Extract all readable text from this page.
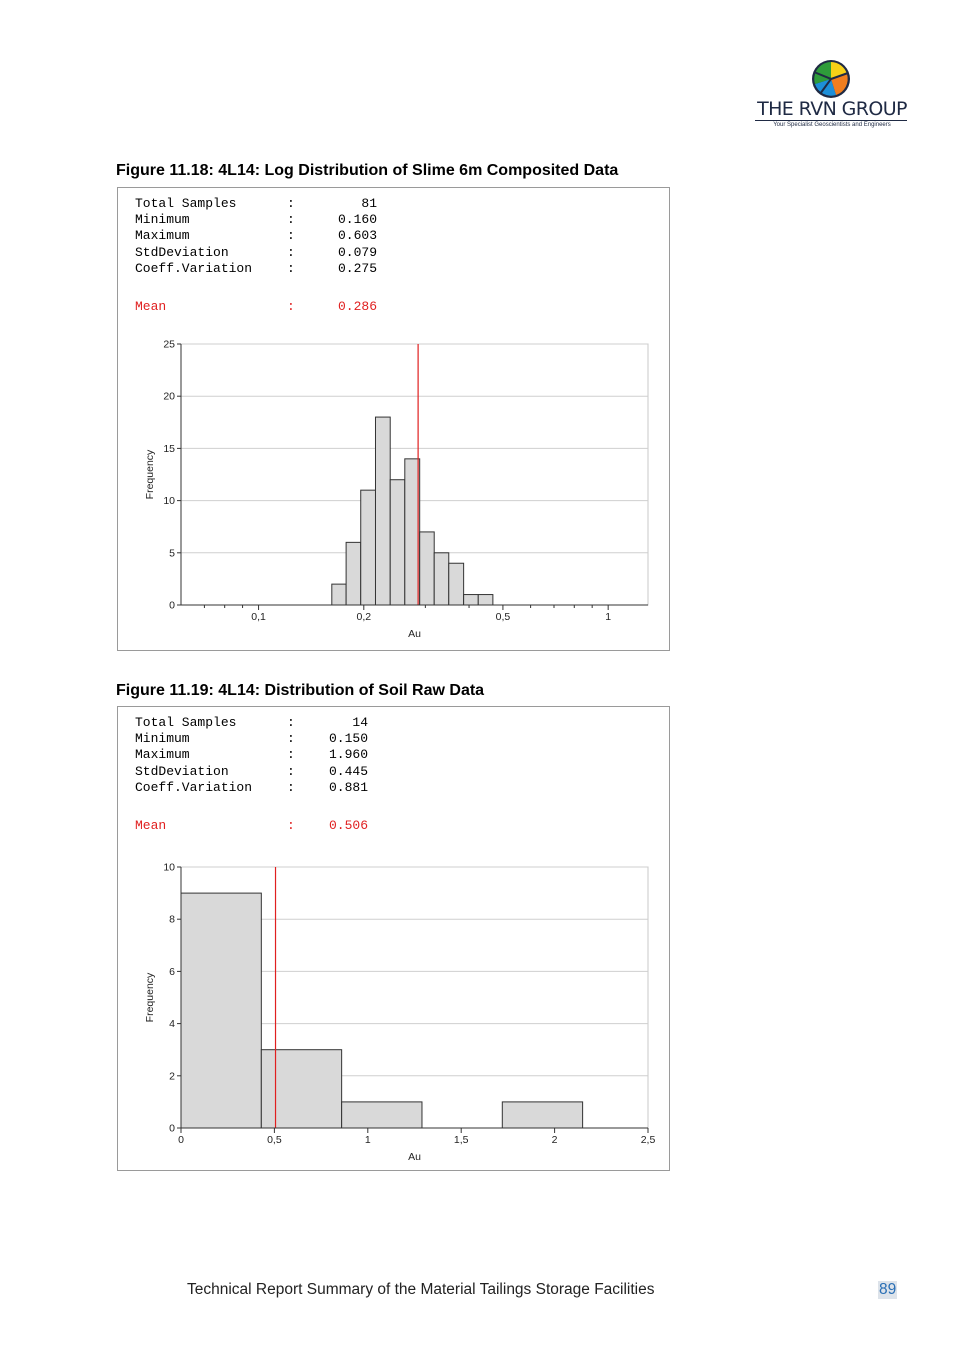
THE RVN GROUP
Your Specialist Geoscientists and Engineers
Figure 11.18: 4L14: Log Distribution of Slime 6m Composited Data
Total Samples	:	81
Minimum	:	0.160
Maximum	:	0.603
StdDeviation	:	0.079
Coeff.Variation	:	0.275
Mean	:	0.286
0
5
10
15
20
25
0,1	0,2	0,5	1
Au
Frequency
Figure 11.19: 4L14: Distribution of Soil Raw Data
Total Samples	:	14
Minimum	:	0.150
Maximum	:	1.960
StdDeviation	:	0.445
Coeff.Variation	:	0.881
Mean	:	0.506
0
2
4
6
8
10
0	0,5	1	1,5	2	2,5
Au
Frequency
Technical Report Summary of the Material Tailings Storage Facilities	89
